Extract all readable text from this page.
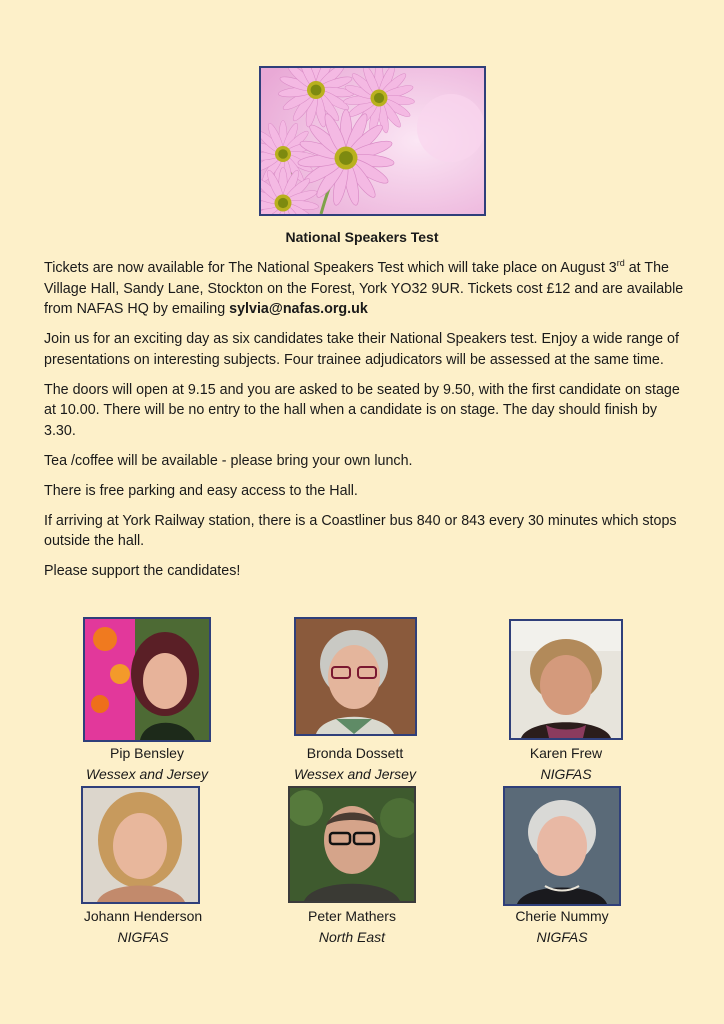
National Speakers Test

Tickets are now available for The National Speakers Test which will take place on August 3rd at The Village Hall, Sandy Lane, Stockton on the Forest, York YO32 9UR. Tickets cost £12 and are available from NAFAS HQ by emailing sylvia@nafas.org.uk

Join us for an exciting day as six candidates take their National Speakers test. Enjoy a wide range of presentations on interesting subjects. Four trainee adjudicators will be assessed at the same time.

The doors will open at 9.15 and you are asked to be seated by 9.50, with the first candidate on stage at 10.00. There will be no entry to the hall when a candidate is on stage. The day should finish by 3.30.

Tea /coffee will be available - please bring your own lunch.

There is free parking and easy access to the Hall.

If arriving at York Railway station, there is a Coastliner bus 840 or 843 every 30 minutes which stops outside the hall.

Please support the candidates!

Pip Bensley
Wessex and Jersey
Bronda Dossett
Wessex and Jersey
Karen Frew
NIGFAS
Johann Henderson
NIGFAS
Peter Mathers
North East
Cherie Nummy
NIGFAS
